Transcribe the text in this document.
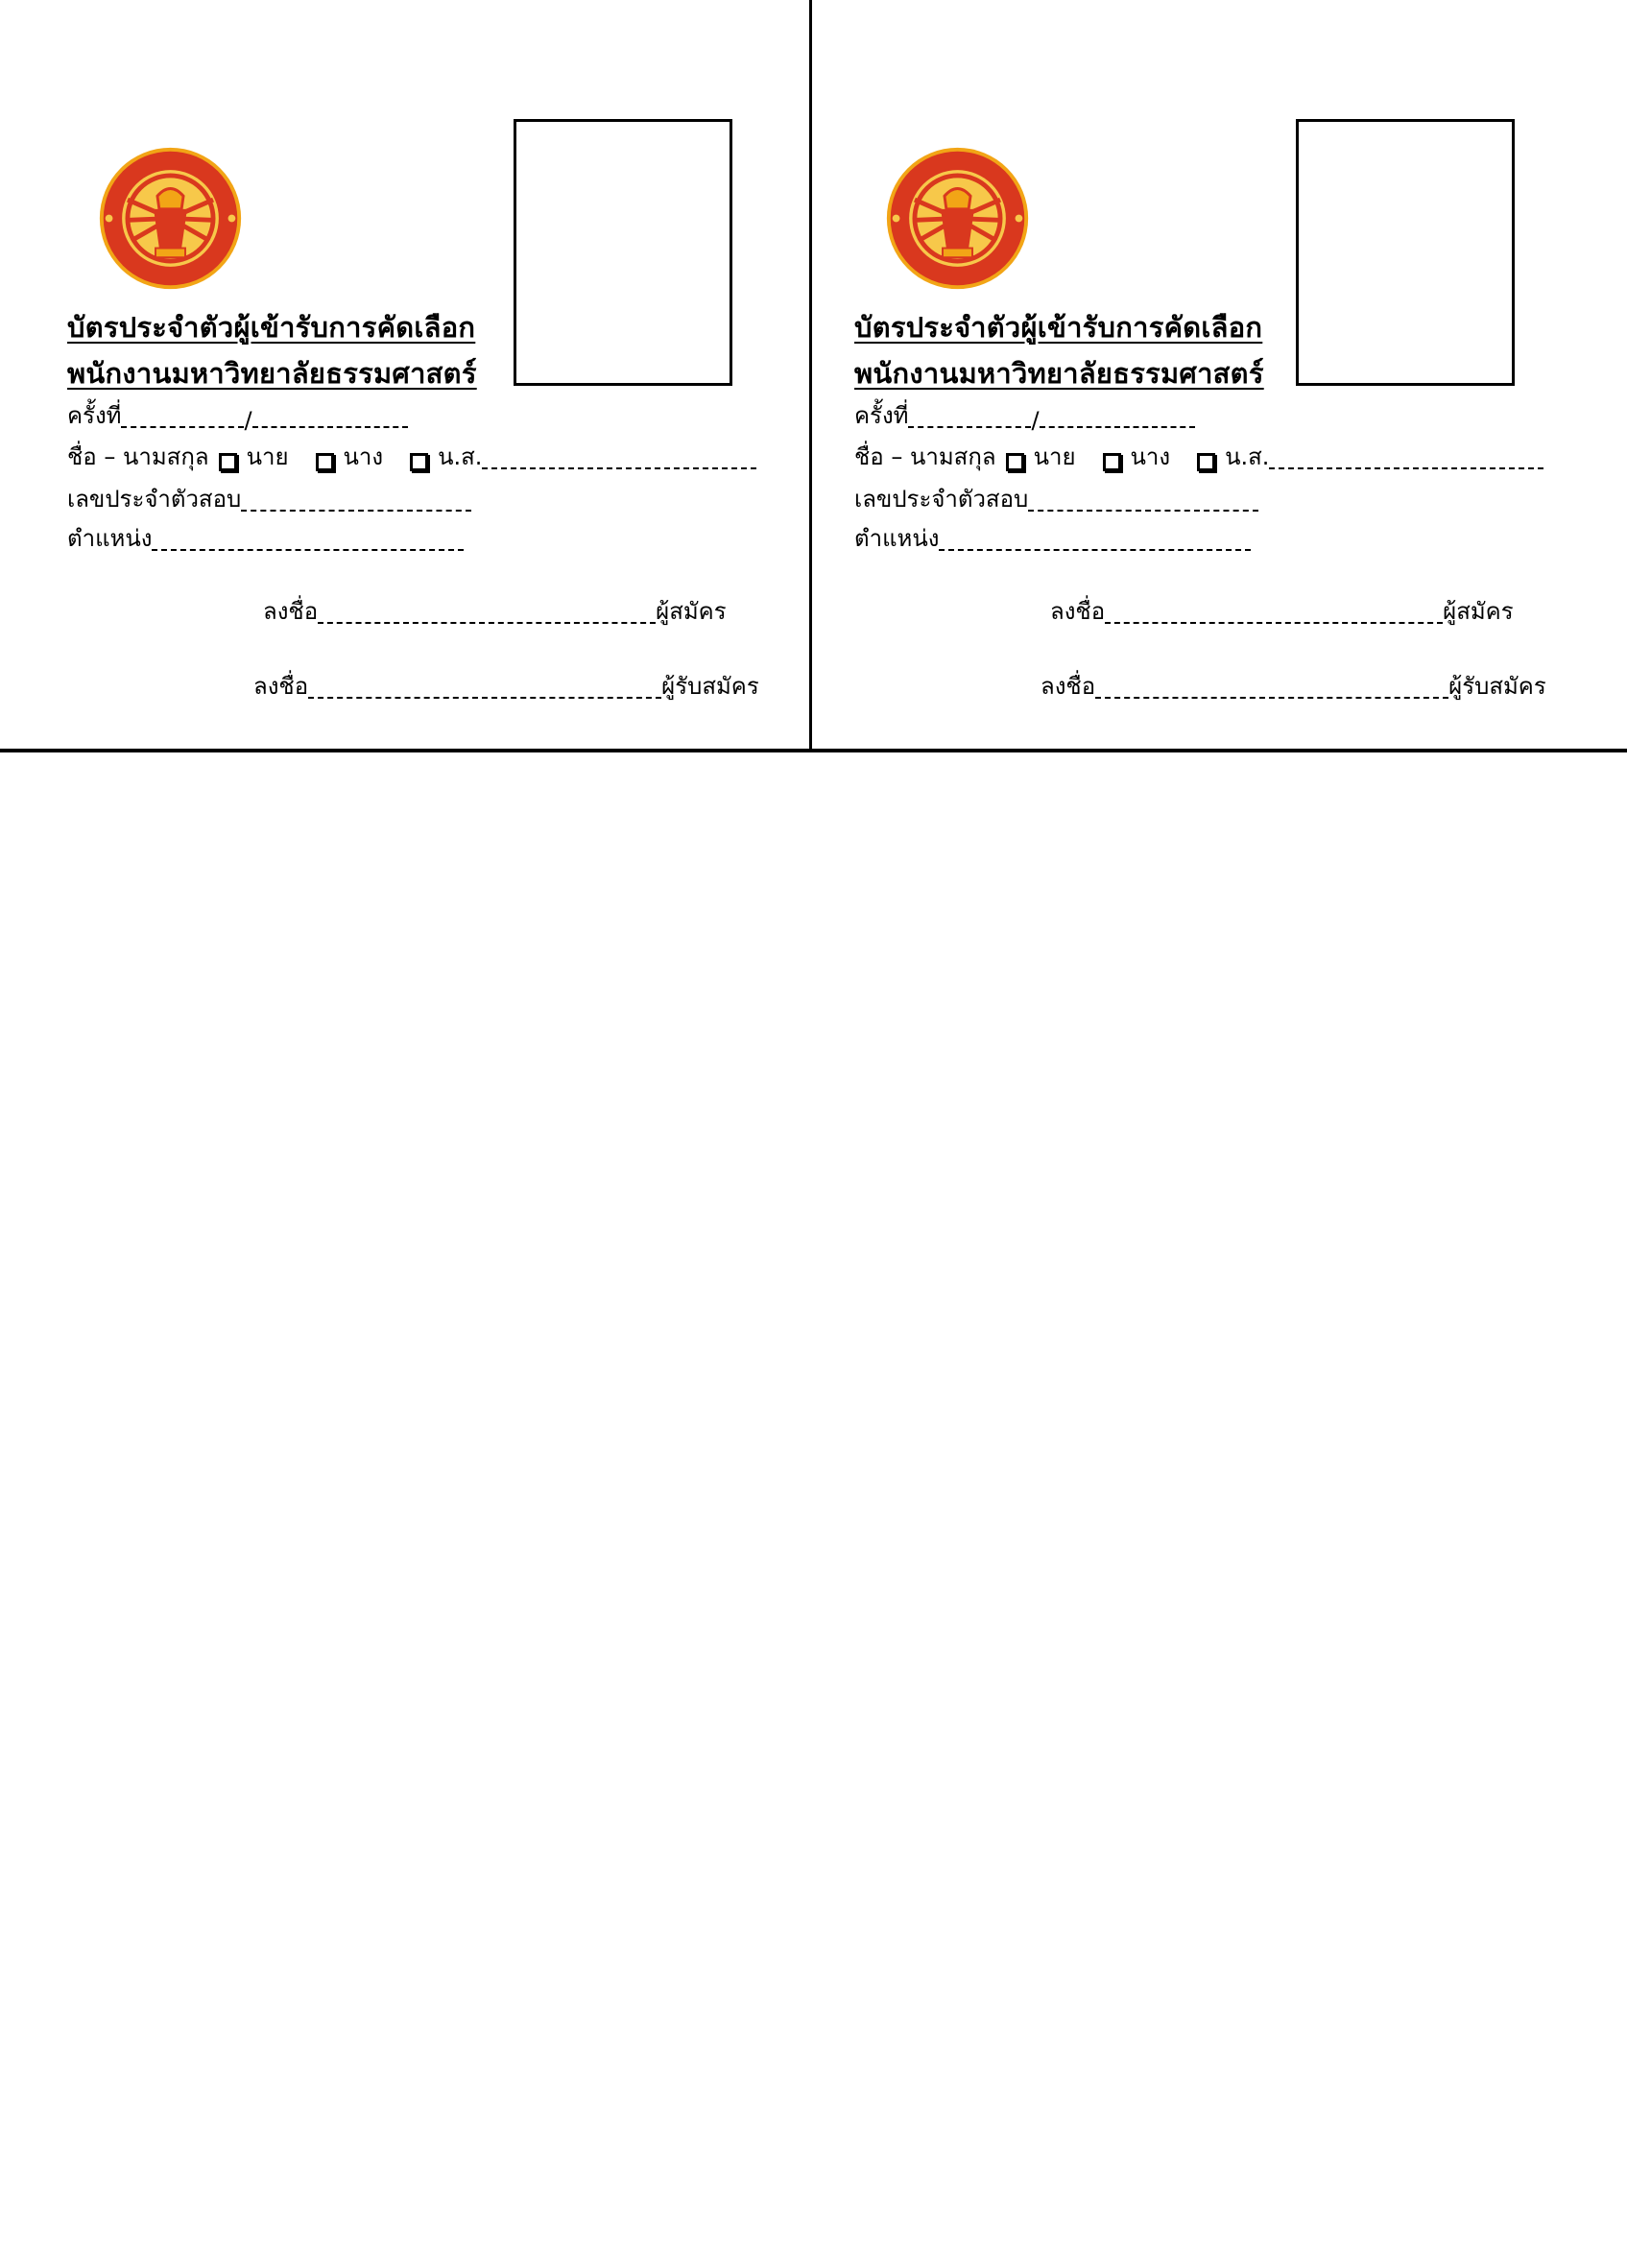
บัตรประจำตัวผู้เข้ารับการคัดเลือก
พนักงานมหาวิทยาลัยธรรมศาสตร์
ครั้งที่	/
ชื่อ – นามสกุล นาย นาง น.ส.
เลขประจำตัวสอบ
ตำแหน่ง
ลงชื่อ	ผู้สมัคร
ลงชื่อ	ผู้รับสมัคร
บัตรประจำตัวผู้เข้ารับการคัดเลือก
พนักงานมหาวิทยาลัยธรรมศาสตร์
ครั้งที่	/
ชื่อ – นามสกุล นาย นาง น.ส.
เลขประจำตัวสอบ
ตำแหน่ง
ลงชื่อ	ผู้สมัคร
ลงชื่อ	ผู้รับสมัคร
